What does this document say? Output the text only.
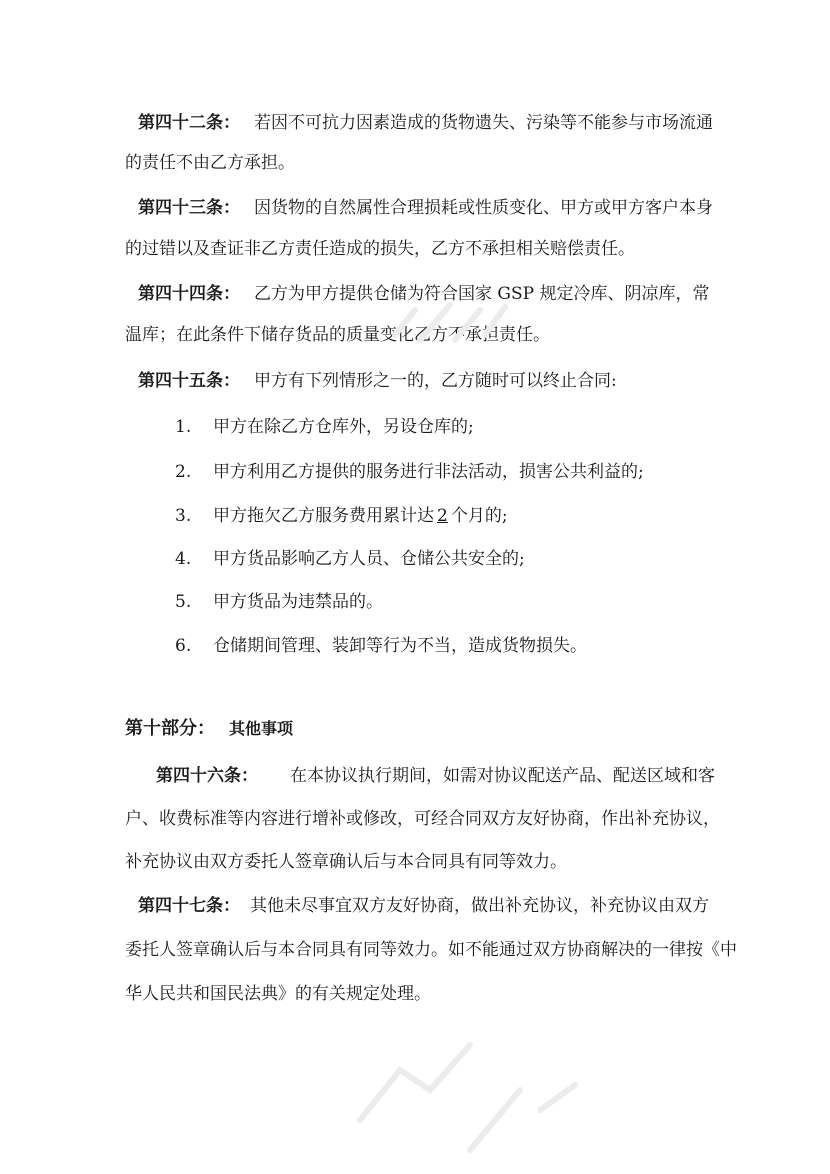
第四十二条： 若因不可抗力因素造成的货物遗失、污染等不能参与市场流通
的责任不由乙方承担。
第四十三条： 因货物的自然属性合理损耗或性质变化、甲方或甲方客户本身
的过错以及查证非乙方责任造成的损失，乙方不承担相关赔偿责任。
第四十四条： 乙方为甲方提供仓储为符合国家 GSP 规定冷库、阴凉库，常
温库；在此条件下储存货品的质量变化乙方不承担责任。
第四十五条： 甲方有下列情形之一的，乙方随时可以终止合同:
1. 甲方在除乙方仓库外，另设仓库的;
2. 甲方利用乙方提供的服务进行非法活动，损害公共利益的;
3. 甲方拖欠乙方服务费用累计达 2 个月的;
4. 甲方货品影响乙方人员、仓储公共安全的;
5. 甲方货品为违禁品的。
6. 仓储期间管理、装卸等行为不当，造成货物损失。
第十部分： 其他事项
第四十六条： 在本协议执行期间，如需对协议配送产品、配送区域和客
户、收费标准等内容进行增补或修改，可经合同双方友好协商，作出补充协议，
补充协议由双方委托人签章确认后与本合同具有同等效力。
第四十七条： 其他未尽事宜双方友好协商，做出补充协议，补充协议由双方
委托人签章确认后与本合同具有同等效力。如不能通过双方协商解决的一律按《中
华人民共和国民法典》的有关规定处理。
